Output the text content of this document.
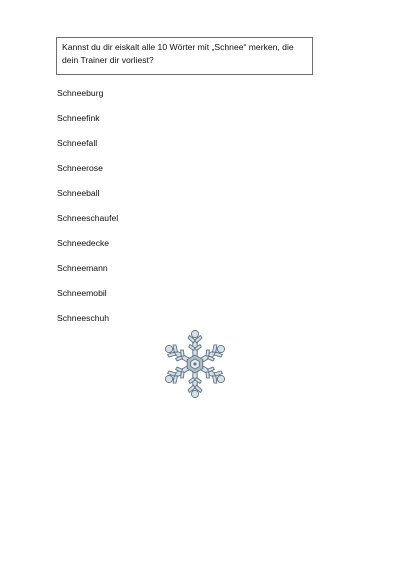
Kannst du dir eiskalt alle 10 Wörter mit „Schnee“ merken, die dein Trainer dir vorliest?
Schneeburg
Schneefink
Schneefall
Schneerose
Schneeball
Schneeschaufel
Schneedecke
Schneemann
Schneemobil
Schneeschuh
